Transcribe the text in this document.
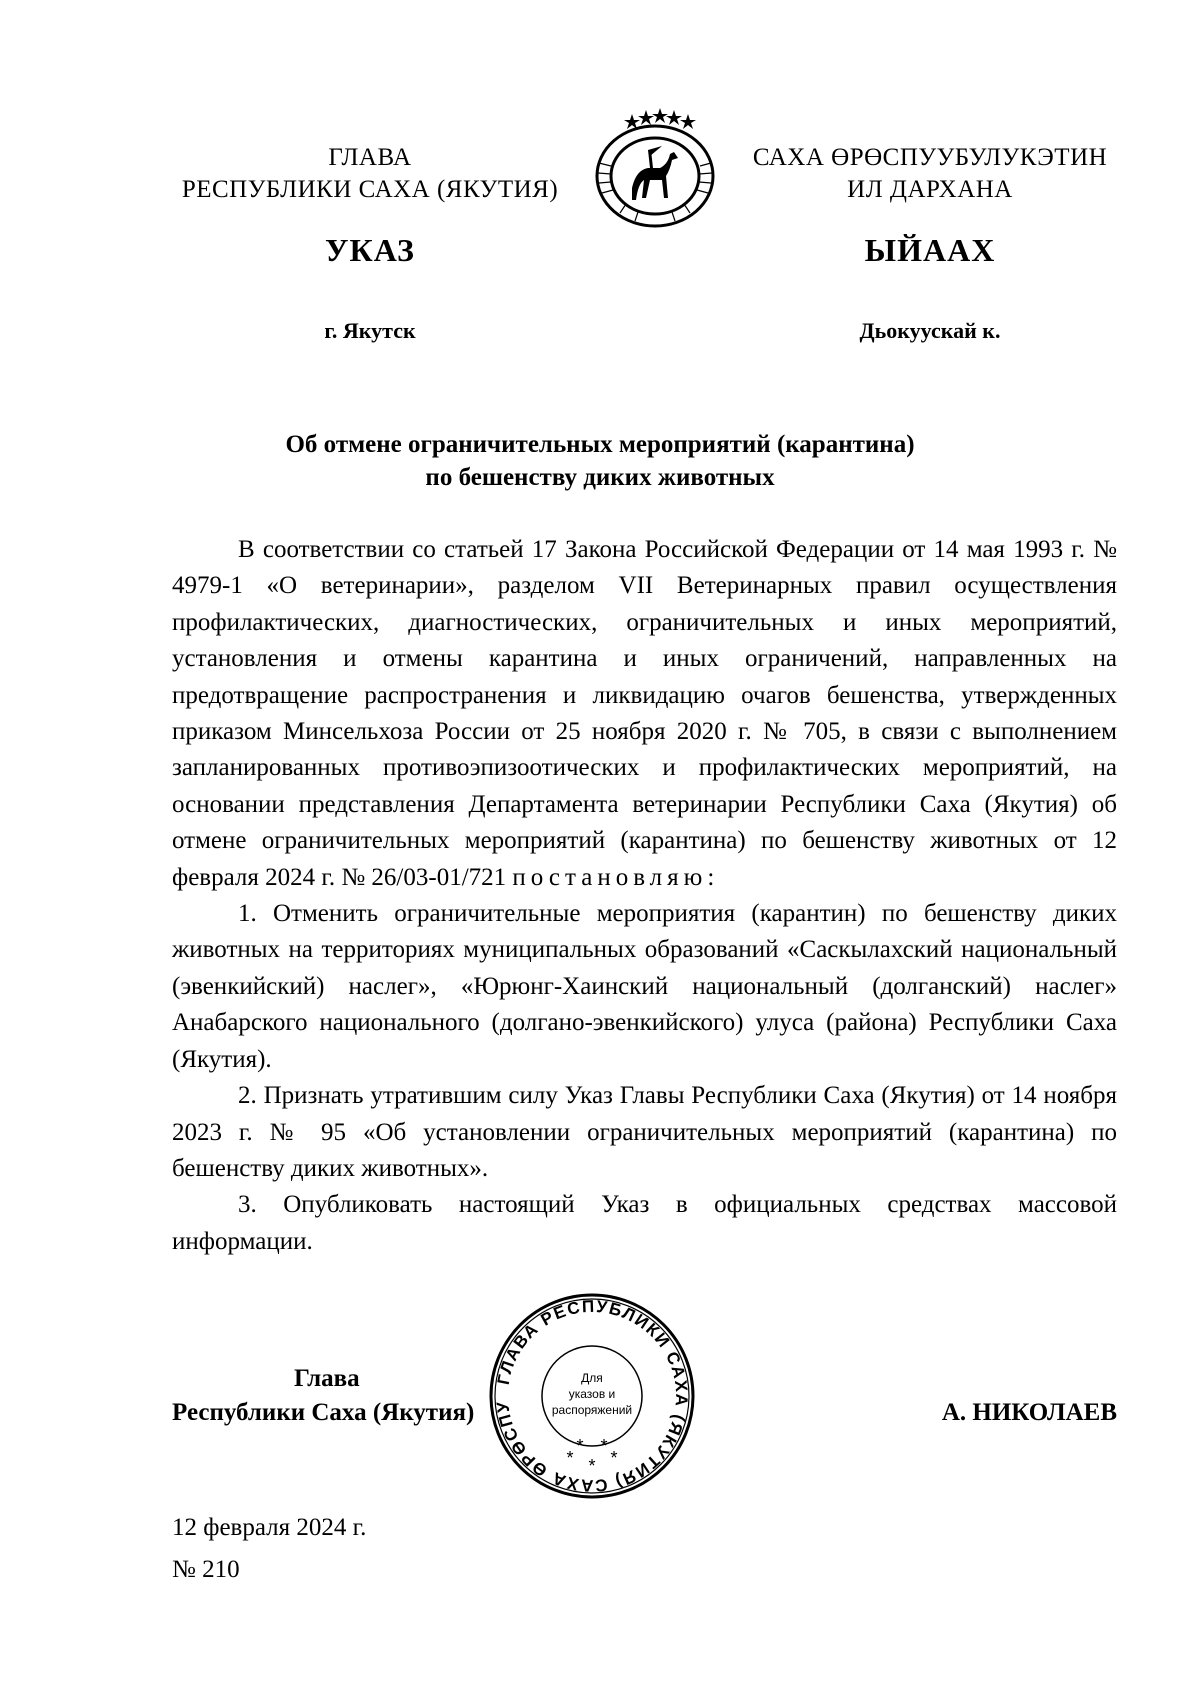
ГЛАВА
РЕСПУБЛИКИ САХА (ЯКУТИЯ)
САХА ӨРӨСПУУБУЛУКЭТИН
ИЛ ДАРХАНА
УКАЗ	ЫЙААХ
г. Якутск	Дьокуускай к.
Об отмене ограничительных мероприятий (карантина)
по бешенству диких животных

В соответствии со статьей 17 Закона Российской Федерации от 14 мая 1993 г. № 4979-1 «О ветеринарии», разделом VII Ветеринарных правил осуществления профилактических, диагностических, ограничительных и иных мероприятий, установления и отмены карантина и иных ограничений, направленных на предотвращение распространения и ликвидацию очагов бешенства, утвержденных приказом Минсельхоза России от 25 ноября 2020 г. № 705, в связи с выполнением запланированных противоэпизоотических и профилактических мероприятий, на основании представления Департамента ветеринарии Республики Саха (Якутия) об отмене ограничительных мероприятий (карантина) по бешенству животных от 12 февраля 2024 г. № 26/03-01/721 постановляю:

1. Отменить ограничительные мероприятия (карантин) по бешенству диких животных на территориях муниципальных образований «Саскылахский национальный (эвенкийский) наслег», «Юрюнг-Хаинский национальный (долганский) наслег» Анабарского национального (долгано-эвенкийского) улуса (района) Республики Саха (Якутия).

2. Признать утратившим силу Указ Главы Республики Саха (Якутия) от 14 ноября 2023 г. № 95 «Об установлении ограничительных мероприятий (карантина) по бешенству диких животных».

3. Опубликовать настоящий Указ в официальных средствах массовой информации.

Глава
Республики Саха (Якутия)	А. НИКОЛАЕВ
ГЛАВА РЕСПУБЛИКИ САХА (ЯКУТИЯ) САХА ӨРӨСПУ
Для
указов и
распоряжений
* * *
* *
12 февраля 2024 г.
№ 210
